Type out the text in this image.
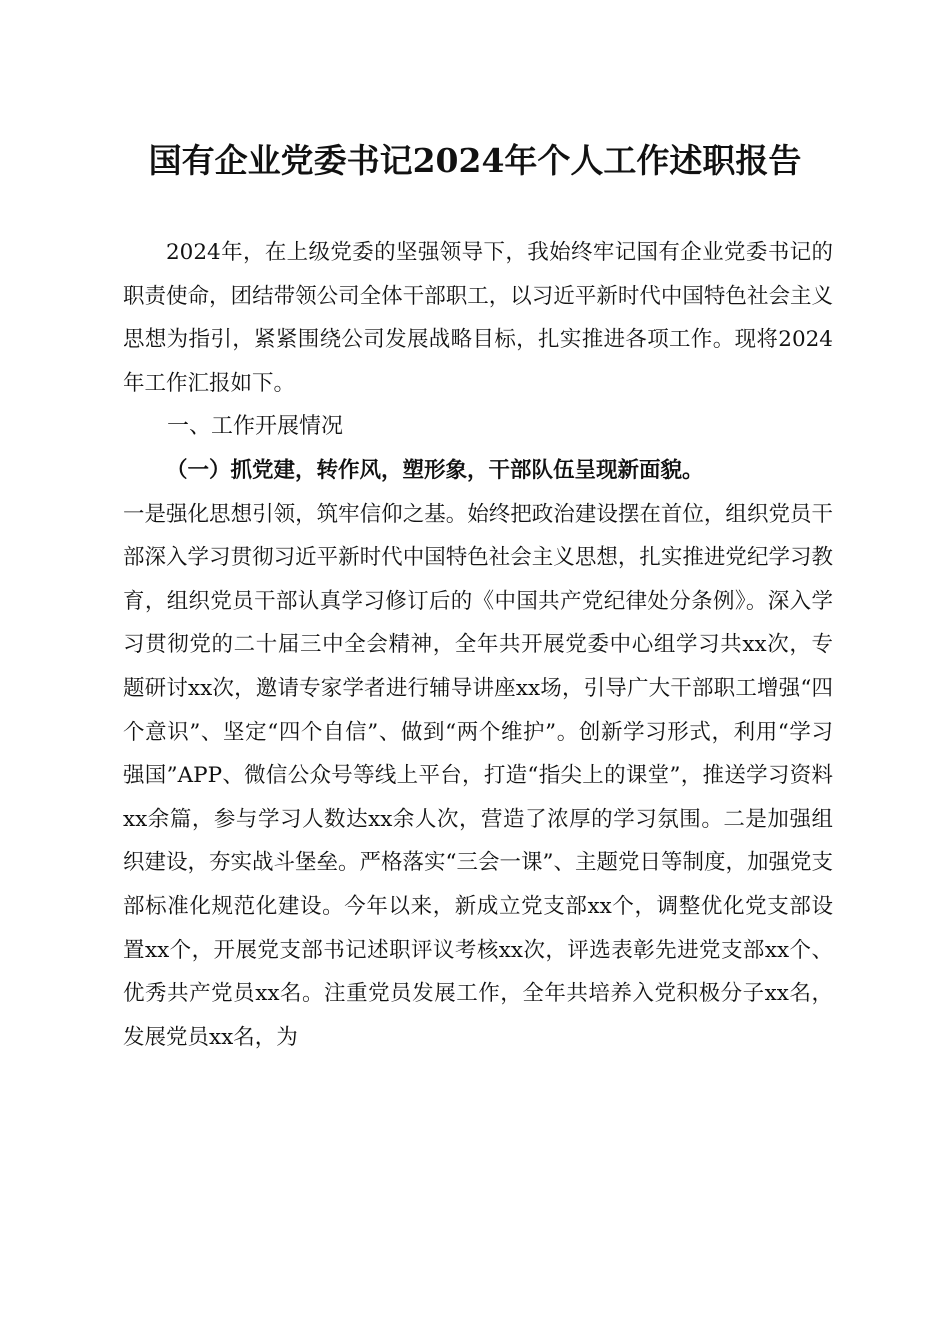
国有企业党委书记2024年个人工作述职报告

2024年，在上级党委的坚强领导下，我始终牢记国有企业党委书记的职责使命，团结带领公司全体干部职工，以习近平新时代中国特色社会主义思想为指引，紧紧围绕公司发展战略目标，扎实推进各项工作。现将2024年工作汇报如下。

一、工作开展情况
（一）抓党建，转作风，塑形象，干部队伍呈现新面貌。

一是强化思想引领，筑牢信仰之基。始终把政治建设摆在首位，组织党员干部深入学习贯彻习近平新时代中国特色社会主义思想，扎实推进党纪学习教育，组织党员干部认真学习修订后的《中国共产党纪律处分条例》。深入学习贯彻党的二十届三中全会精神，全年共开展党委中心组学习共xx次，专题研讨xx次，邀请专家学者进行辅导讲座xx场，引导广大干部职工增强“四个意识”、坚定“四个自信”、做到“两个维护”。创新学习形式，利用“学习强国”APP、微信公众号等线上平台，打造“指尖上的课堂”，推送学习资料xx余篇，参与学习人数达xx余人次，营造了浓厚的学习氛围。二是加强组织建设，夯实战斗堡垒。严格落实“三会一课”、主题党日等制度，加强党支部标准化规范化建设。今年以来，新成立党支部xx个，调整优化党支部设置xx个，开展党支部书记述职评议考核xx次，评选表彰先进党支部xx个、优秀共产党员xx名。注重党员发展工作，全年共培养入党积极分子xx名，发展党员xx名，为
